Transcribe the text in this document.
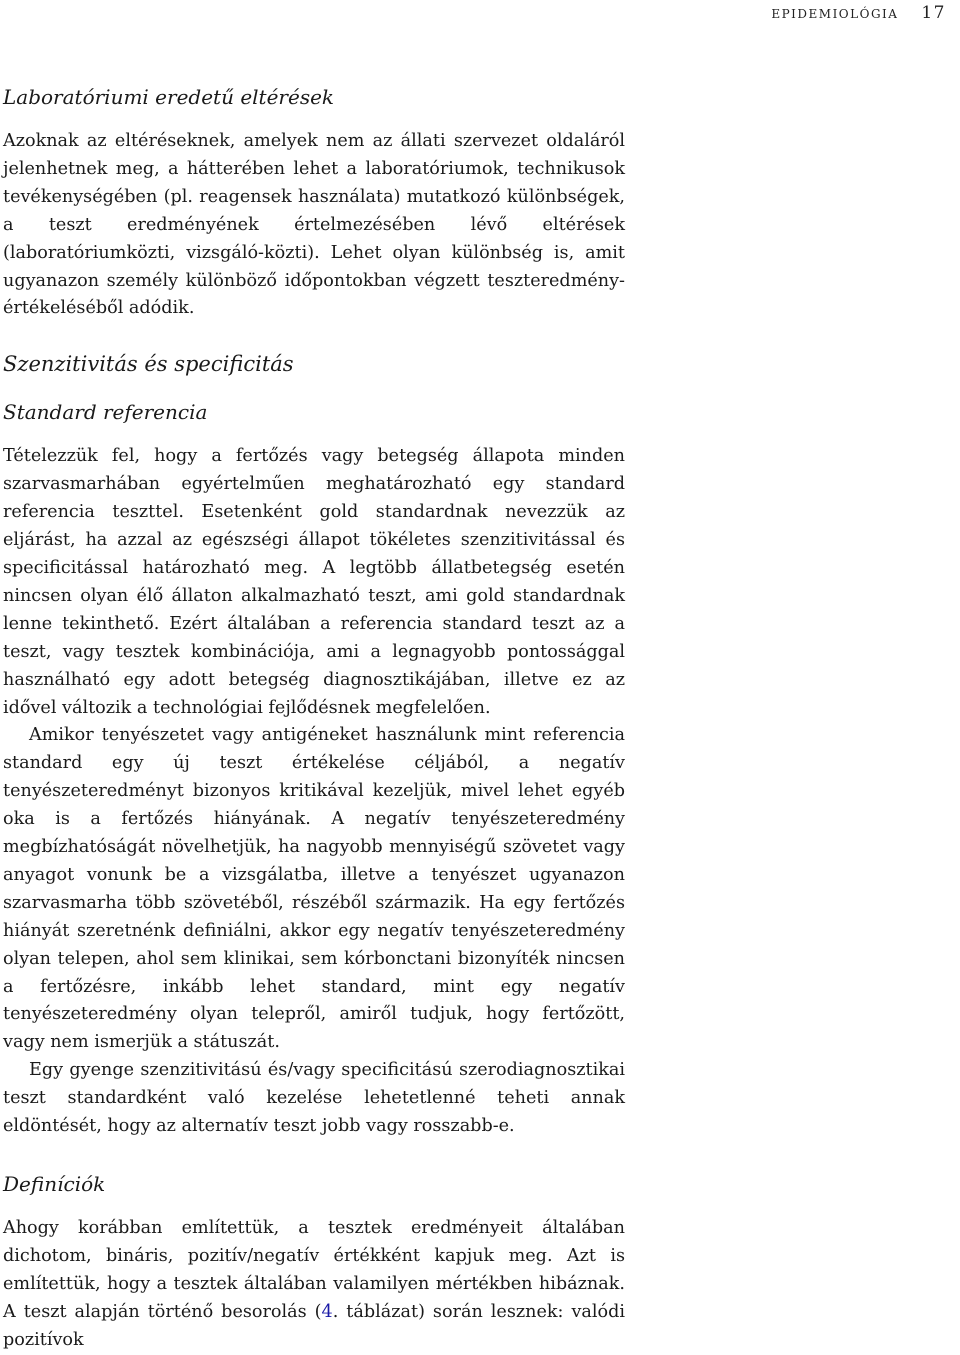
epidemiológia 17
Laboratóriumi eredetű eltérések

Azoknak az eltéréseknek, amelyek nem az állati szervezet oldaláról jelenhetnek meg, a hátterében lehet a laboratóriumok, technikusok tevékenységében (pl. reagensek használata) mutatkozó különbségek, a teszt eredményének értelmezésében lévő eltérések (laboratóriumközti, vizsgáló-közti). Lehet olyan különbség is, amit ugyanazon személy különböző időpontokban végzett teszteredmény-értékeléséből adódik.

Szenzitivitás és specificitás
Standard referencia

Tételezzük fel, hogy a fertőzés vagy betegség állapota minden szarvasmarhában egyértelműen meghatározható egy standard referencia teszttel. Esetenként gold standardnak nevezzük az eljárást, ha azzal az egészségi állapot tökéletes szenzitivitással és specificitással határozható meg. A legtöbb állatbetegség esetén nincsen olyan élő állaton alkalmazható teszt, ami gold standardnak lenne tekinthető. Ezért általában a referencia standard teszt az a teszt, vagy tesztek kombinációja, ami a legnagyobb pontossággal használható egy adott betegség diagnosztikájában, illetve ez az idővel változik a technológiai fejlődésnek megfelelően.

Amikor tenyészetet vagy antigéneket használunk mint referencia standard egy új teszt értékelése céljából, a negatív tenyészeteredményt bizonyos kritikával kezeljük, mivel lehet egyéb oka is a fertőzés hiányának. A negatív tenyészeteredmény megbízhatóságát növelhetjük, ha nagyobb mennyiségű szövetet vagy anyagot vonunk be a vizsgálatba, illetve a tenyészet ugyanazon szarvasmarha több szövetéből, részéből származik. Ha egy fertőzés hiányát szeretnénk definiálni, akkor egy negatív tenyészeteredmény olyan telepen, ahol sem klinikai, sem kórbonctani bizonyíték nincsen a fertőzésre, inkább lehet standard, mint egy negatív tenyészeteredmény olyan telepről, amiről tudjuk, hogy fertőzött, vagy nem ismerjük a státuszát.

Egy gyenge szenzitivitású és/vagy specificitású szerodiagnosztikai teszt standardként való kezelése lehetetlenné teheti annak eldöntését, hogy az alternatív teszt jobb vagy rosszabb-e.

Definíciók

Ahogy korábban említettük, a tesztek eredményeit általában dichotom, bináris, pozitív/negatív értékként kapjuk meg. Azt is említettük, hogy a tesztek általában valamilyen mértékben hibáznak. A teszt alapján történő besorolás (4. táblázat) során lesznek: valódi pozitívok
